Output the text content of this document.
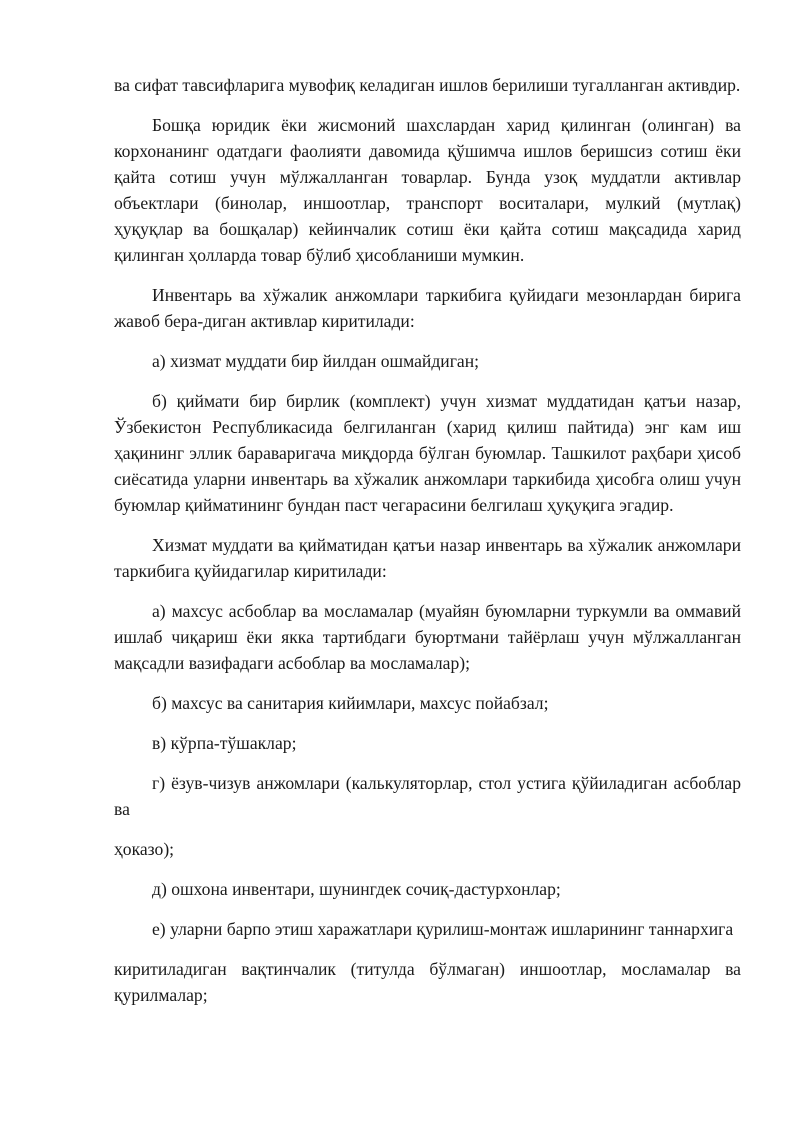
ва сифат тавсифларига мувофиқ келадиган ишлов берилиши тугалланган активдир.

Бошқа юридик ёки жисмоний шахслардан харид қилинган (олинган) ва корхонанинг одатдаги фаолияти давомида қўшимча ишлов беришсиз сотиш ёки қайта сотиш учун мўлжалланган товарлар. Бунда узоқ муддатли активлар объектлари (бинолар, иншоотлар, транспорт воситалари, мулкий (мутлақ) ҳуқуқлар ва бошқалар) кейинчалик сотиш ёки қайта сотиш мақсадида харид қилинган ҳолларда товар бўлиб ҳисобланиши мумкин.

Инвентарь ва хўжалик анжомлари таркибига қуйидаги мезонлардан бирига жавоб бера-диган активлар киритилади:

а) хизмат муддати бир йилдан ошмайдиган;

б) қиймати бир бирлик (комплект) учун хизмат муддатидан қатъи назар, Ўзбекистон Республикасида белгиланган (харид қилиш пайтида) энг кам иш ҳақининг эллик бараваригача миқдорда бўлган буюмлар. Ташкилот раҳбари ҳисоб сиёсатида уларни инвентарь ва хўжалик анжомлари таркибида ҳисобга олиш учун буюмлар қийматининг бундан паст чегарасини белгилаш ҳуқуқига эгадир.

Хизмат муддати ва қийматидан қатъи назар инвентарь ва хўжалик анжомлари таркибига қуйидагилар киритилади:

а) махсус асбоблар ва мосламалар (муайян буюмларни туркумли ва оммавий ишлаб чиқариш ёки якка тартибдаги буюртмани тайёрлаш учун мўлжалланган мақсадли вазифадаги асбоблар ва мосламалар);

б) махсус ва санитария кийимлари, махсус пойабзал;

в) кўрпа-тўшаклар;

г) ёзув-чизув анжомлари (калькуляторлар, стол устига қўйиладиган асбоблар ва

ҳоказо);

д) ошхона инвентари, шунингдек сочиқ-дастурхонлар;

е) уларни барпо этиш харажатлари қурилиш-монтаж ишларининг таннархига

киритиладиган вақтинчалик (титулда бўлмаган) иншоотлар, мосламалар ва қурилмалар;
